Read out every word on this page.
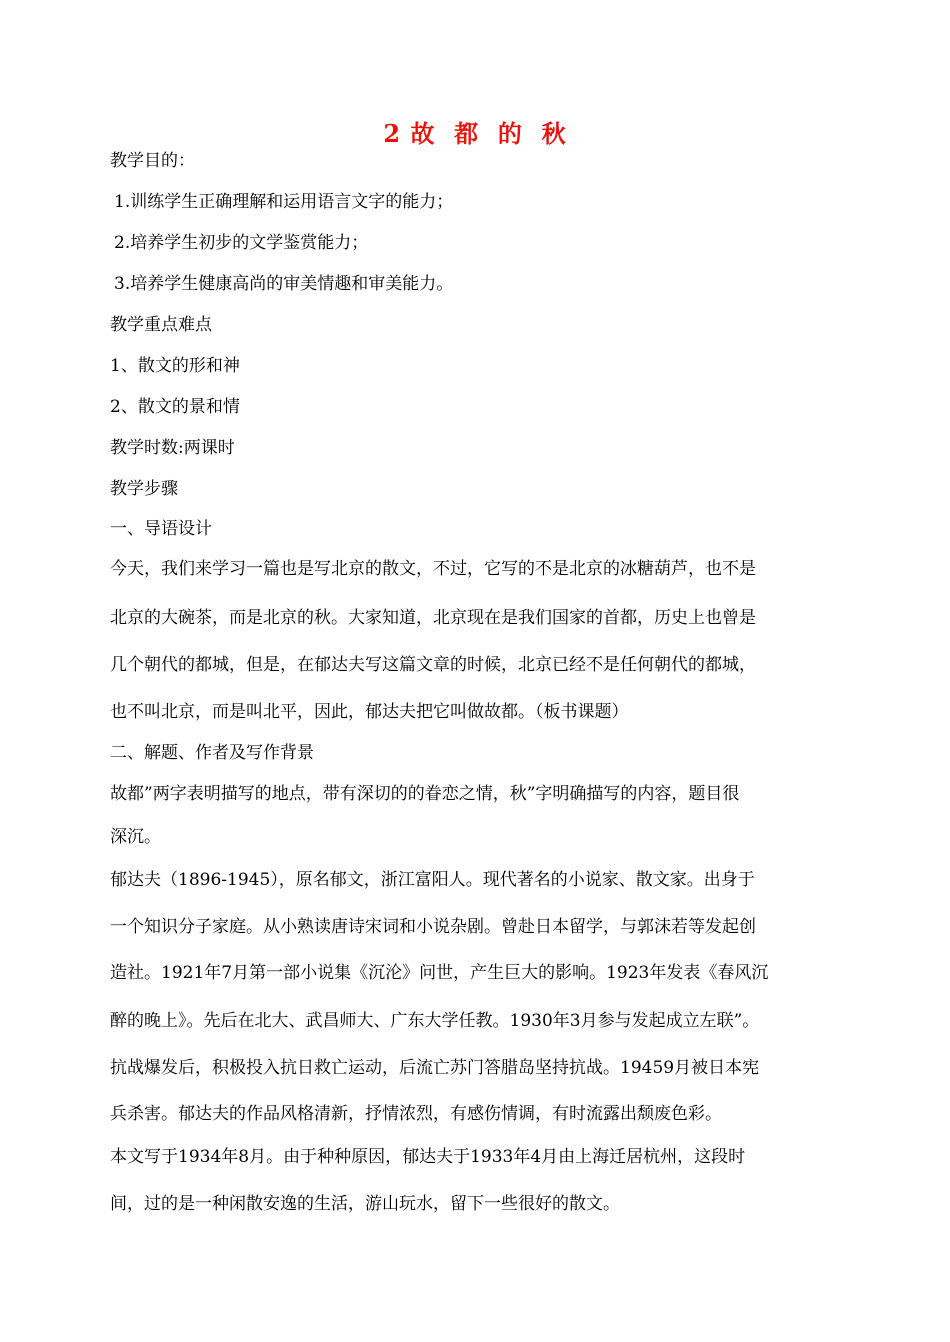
2 故  都  的  秋
教学目的：
1.训练学生正确理解和运用语言文字的能力；
2.培养学生初步的文学鉴赏能力；
3.培养学生健康高尚的审美情趣和审美能力。
教学重点难点
1、散文的形和神
2、散文的景和情
教学时数:两课时
教学步骤
一、导语设计
今天，我们来学习一篇也是写北京的散文，不过，它写的不是北京的冰糖葫芦，也不是
北京的大碗茶，而是北京的秋。大家知道，北京现在是我们国家的首都，历史上也曾是
几个朝代的都城，但是，在郁达夫写这篇文章的时候，北京已经不是任何朝代的都城，
也不叫北京，而是叫北平，因此，郁达夫把它叫做故都。（板书课题）
二、解题、作者及写作背景
故都”两字表明描写的地点，带有深切的的眷恋之情，秋”字明确描写的内容，题目很
深沉。
郁达夫（1896-1945），原名郁文，浙江富阳人。现代著名的小说家、散文家。出身于
一个知识分子家庭。从小熟读唐诗宋词和小说杂剧。曾赴日本留学，与郭沫若等发起创
造社。1921年7月第一部小说集《沉沦》问世，产生巨大的影响。1923年发表《春风沉
醉的晚上》。先后在北大、武昌师大、广东大学任教。1930年3月参与发起成立左联”。
抗战爆发后，积极投入抗日救亡运动，后流亡苏门答腊岛坚持抗战。19459月被日本宪
兵杀害。郁达夫的作品风格清新，抒情浓烈，有感伤情调，有时流露出颓废色彩。
本文写于1934年8月。由于种种原因，郁达夫于1933年4月由上海迁居杭州，这段时
间，过的是一种闲散安逸的生活，游山玩水，留下一些很好的散文。
